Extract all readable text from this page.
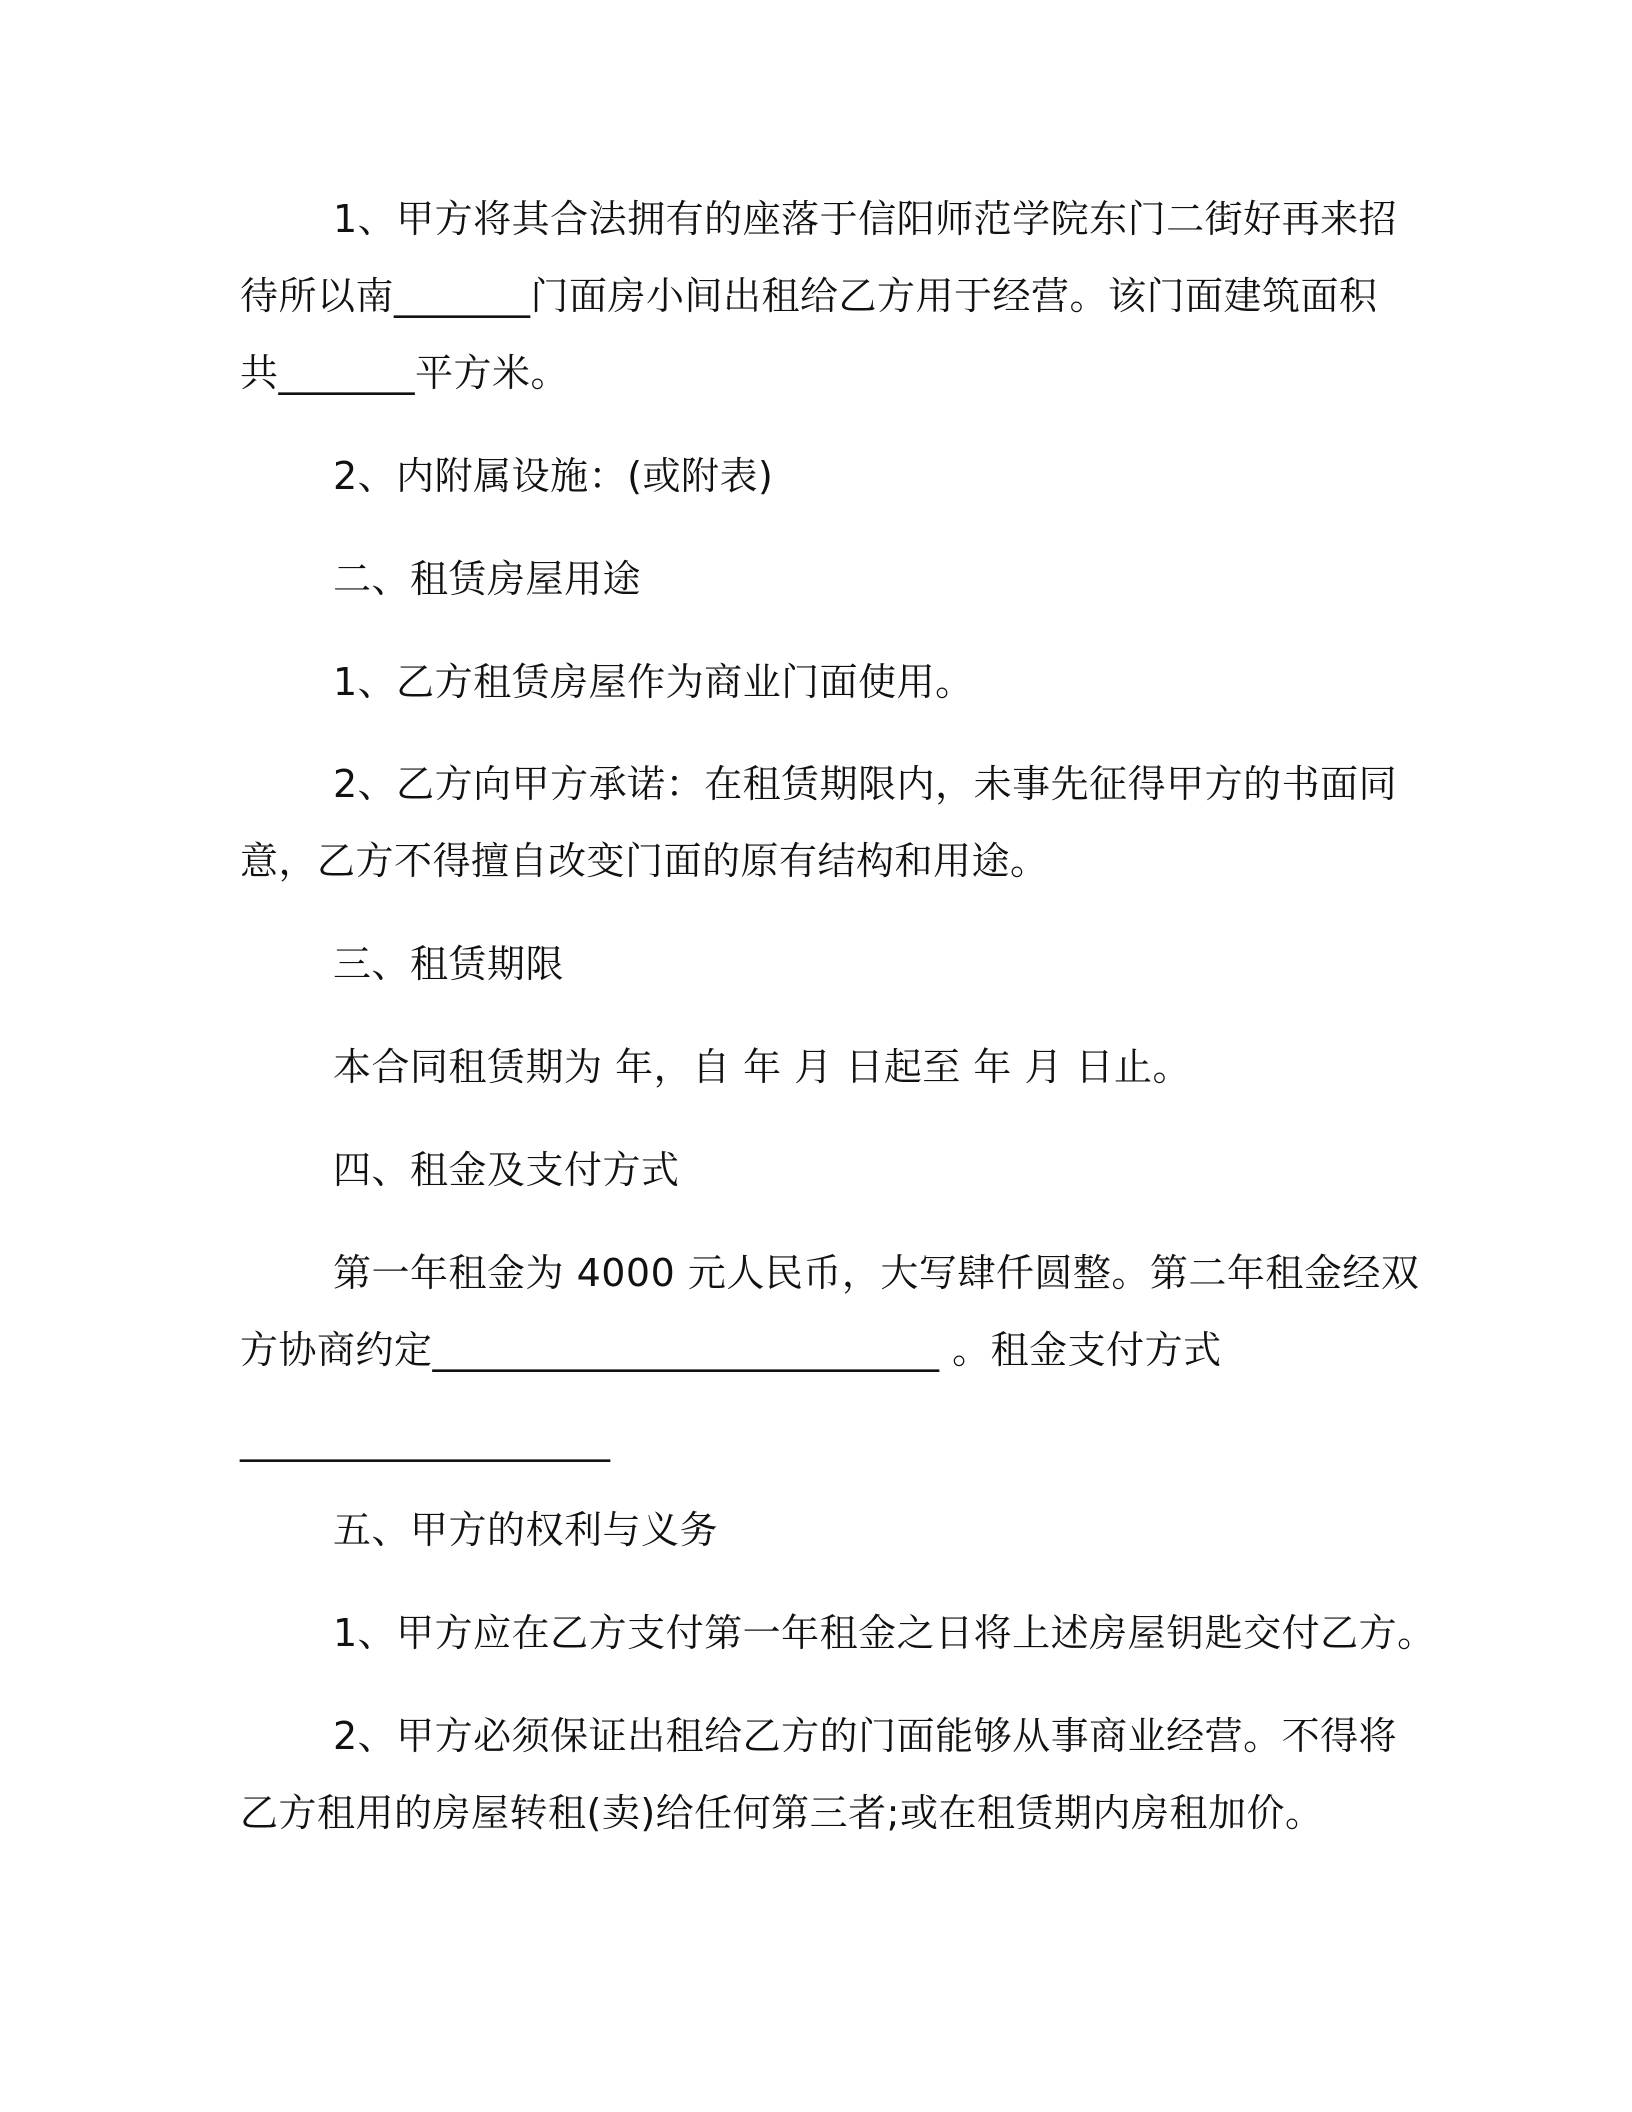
1、甲方将其合法拥有的座落于信阳师范学院东门二街好再来招

待所以南_______门面房小间出租给乙方用于经营。该门面建筑面积

共_______平方米。

2、内附属设施：(或附表)

二、租赁房屋用途

1、乙方租赁房屋作为商业门面使用。

2、乙方向甲方承诺：在租赁期限内，未事先征得甲方的书面同

意，乙方不得擅自改变门面的原有结构和用途。

三、租赁期限

本合同租赁期为 年，自 年 月 日起至 年 月 日止。

四、租金及支付方式

第一年租金为 4000 元人民币，大写肆仟圆整。第二年租金经双

方协商约定__________________________ 。租金支付方式

___________________

五、甲方的权利与义务

1、甲方应在乙方支付第一年租金之日将上述房屋钥匙交付乙方。

2、甲方必须保证出租给乙方的门面能够从事商业经营。不得将

乙方租用的房屋转租(卖)给任何第三者;或在租赁期内房租加价。
